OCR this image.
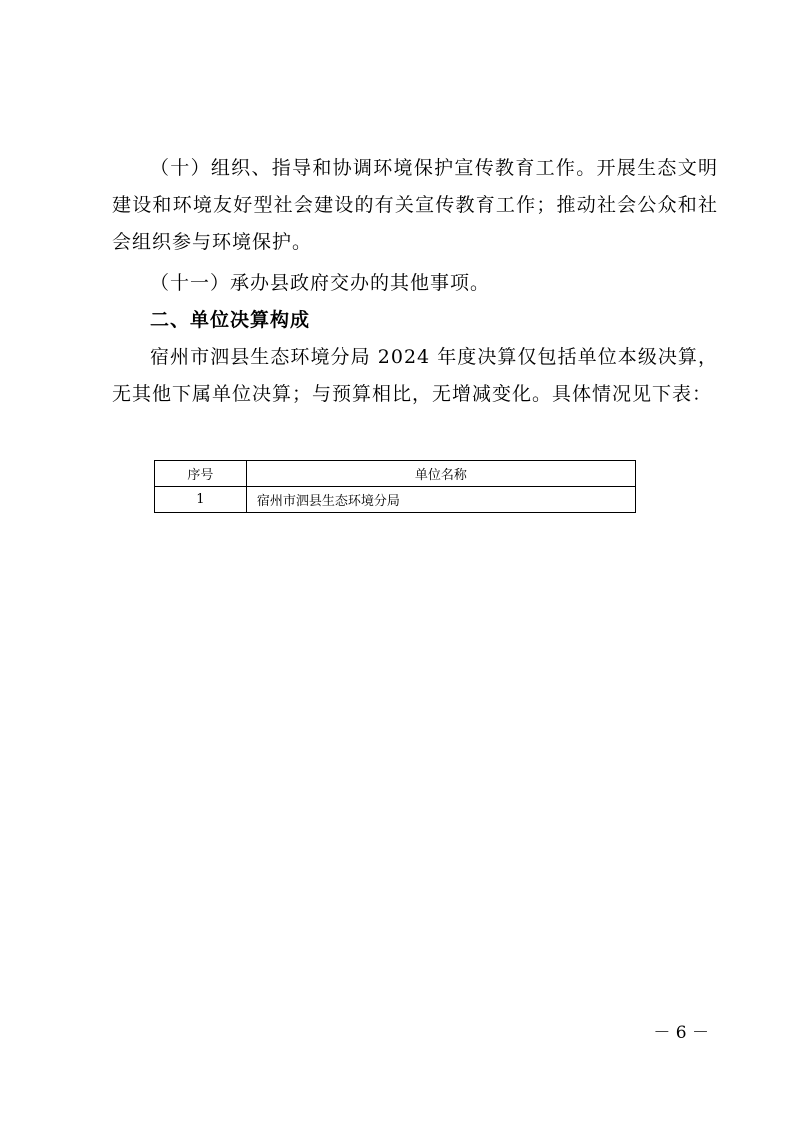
（十）组织、指导和协调环境保护宣传教育工作。开展生态文明建设和环境友好型社会建设的有关宣传教育工作；推动社会公众和社会组织参与环境保护。

（十一）承办县政府交办的其他事项。

二、单位决算构成

宿州市泗县生态环境分局 2024 年度决算仅包括单位本级决算，无其他下属单位决算；与预算相比，无增减变化。具体情况见下表：

序号	单位名称
1	宿州市泗县生态环境分局
－ 6 －
